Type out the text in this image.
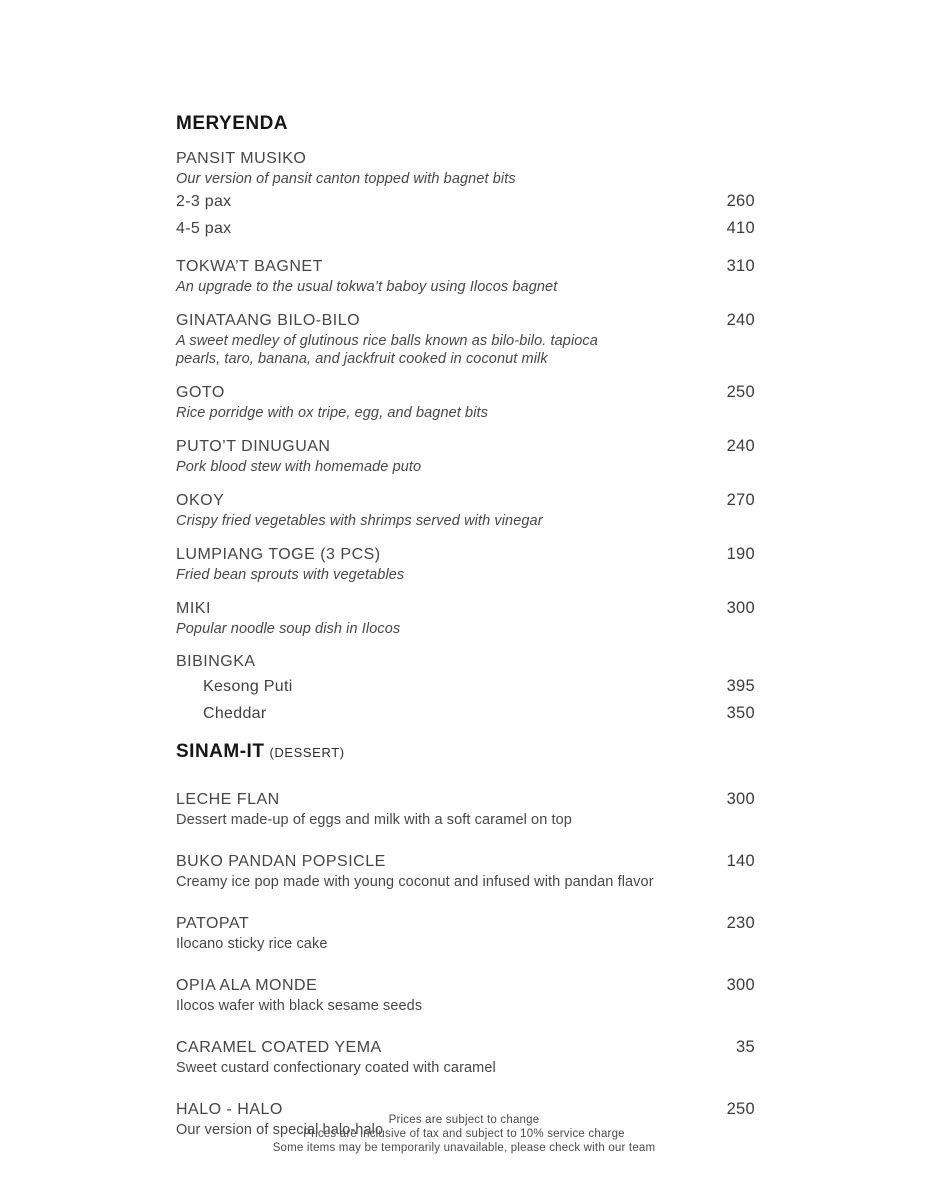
MERYENDA
PANSIT MUSIKO
Our version of pansit canton topped with bagnet bits
2-3 pax	260
4-5 pax	410
TOKWA’T BAGNET	310
An upgrade to the usual tokwa’t baboy using Ilocos bagnet
GINATAANG BILO-BILO	240
A sweet medley of glutinous rice balls known as bilo-bilo. tapioca pearls, taro, banana, and jackfruit cooked in coconut milk
GOTO	250
Rice porridge with ox tripe, egg, and bagnet bits
PUTO’T DINUGUAN	240
Pork blood stew with homemade puto
OKOY	270
Crispy fried vegetables with shrimps served with vinegar
LUMPIANG TOGE (3 PCS)	190
Fried bean sprouts with vegetables
MIKI	300
Popular noodle soup dish in Ilocos
BIBINGKA
Kesong Puti	395
Cheddar	350
SINAM-IT (DESSERT)
LECHE FLAN	300
Dessert made-up of eggs and milk with a soft caramel on top
BUKO PANDAN POPSICLE	140
Creamy ice pop made with young coconut and infused with pandan flavor
PATOPAT	230
Ilocano sticky rice cake
OPIA ALA MONDE	300
Ilocos wafer with black sesame seeds
CARAMEL COATED YEMA	35
Sweet custard confectionary coated with caramel
HALO - HALO	250
Our version of special halo-halo
Prices are subject to change
Prices are inclusive of tax and subject to 10% service charge
Some items may be temporarily unavailable, please check with our team
